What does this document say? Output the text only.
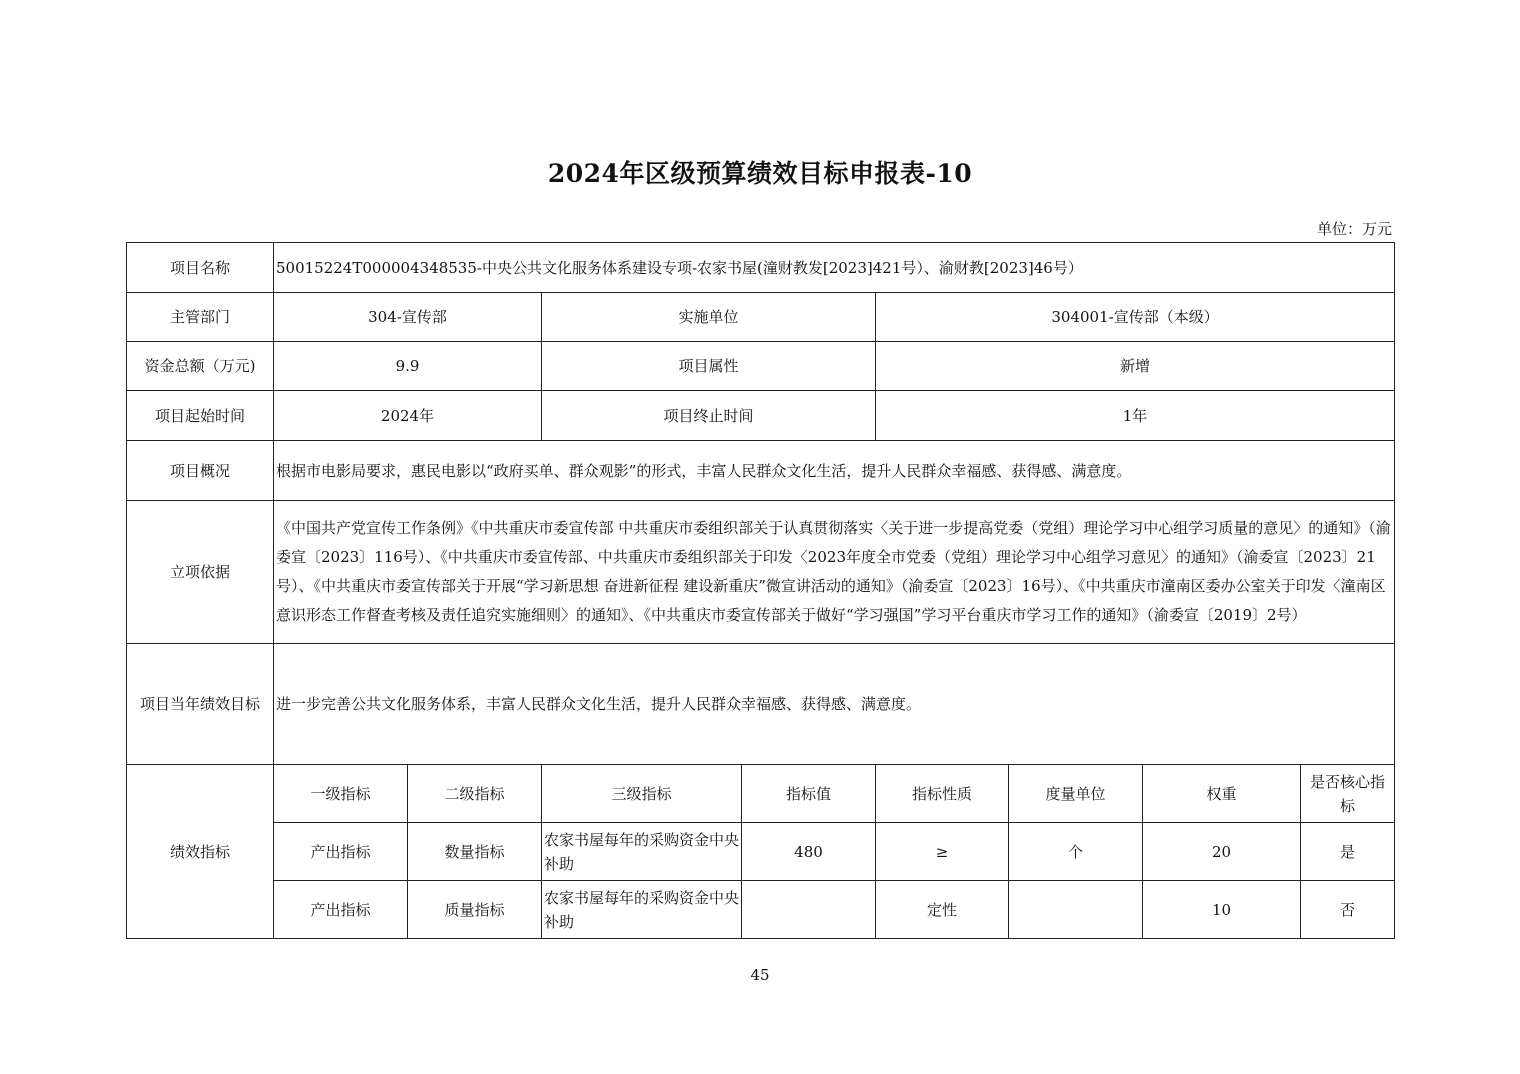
2024年区级预算绩效目标申报表-10
单位：万元
项目名称	50015224T000004348535-中央公共文化服务体系建设专项-农家书屋(潼财教发[2023]421号）、渝财教[2023]46号）							
主管部门	304-宣传部		实施单位		304001-宣传部（本级）			
资金总额（万元)	9.9		项目属性		新增			
项目起始时间	2024年		项目终止时间		1年			
项目概况	根据市电影局要求，惠民电影以“政府买单、群众观影”的形式，丰富人民群众文化生活，提升人民群众幸福感、获得感、满意度。							
立项依据	《中国共产党宣传工作条例》《中共重庆市委宣传部 中共重庆市委组织部关于认真贯彻落实〈关于进一步提高党委（党组）理论学习中心组学习质量的意见〉的通知》（渝委宣〔2023〕116号）、《中共重庆市委宣传部、中共重庆市委组织部关于印发〈2023年度全市党委（党组）理论学习中心组学习意见〉的通知》（渝委宣〔2023〕21号）、《中共重庆市委宣传部关于开展“学习新思想 奋进新征程 建设新重庆”微宣讲活动的通知》（渝委宣〔2023〕16号）、《中共重庆市潼南区委办公室关于印发〈潼南区意识形态工作督查考核及责任追究实施细则〉的通知》、《中共重庆市委宣传部关于做好“学习强国”学习平台重庆市学习工作的通知》（渝委宣〔2019〕2号）							
项目当年绩效目标	进一步完善公共文化服务体系，丰富人民群众文化生活，提升人民群众幸福感、获得感、满意度。							
绩效指标	一级指标	二级指标	三级指标	指标值	指标性质	度量单位	权重	是否核心指标
	产出指标	数量指标	农家书屋每年的采购资金中央补助	480	≥	个	20	是
	产出指标	质量指标	农家书屋每年的采购资金中央补助		定性		10	否
45
